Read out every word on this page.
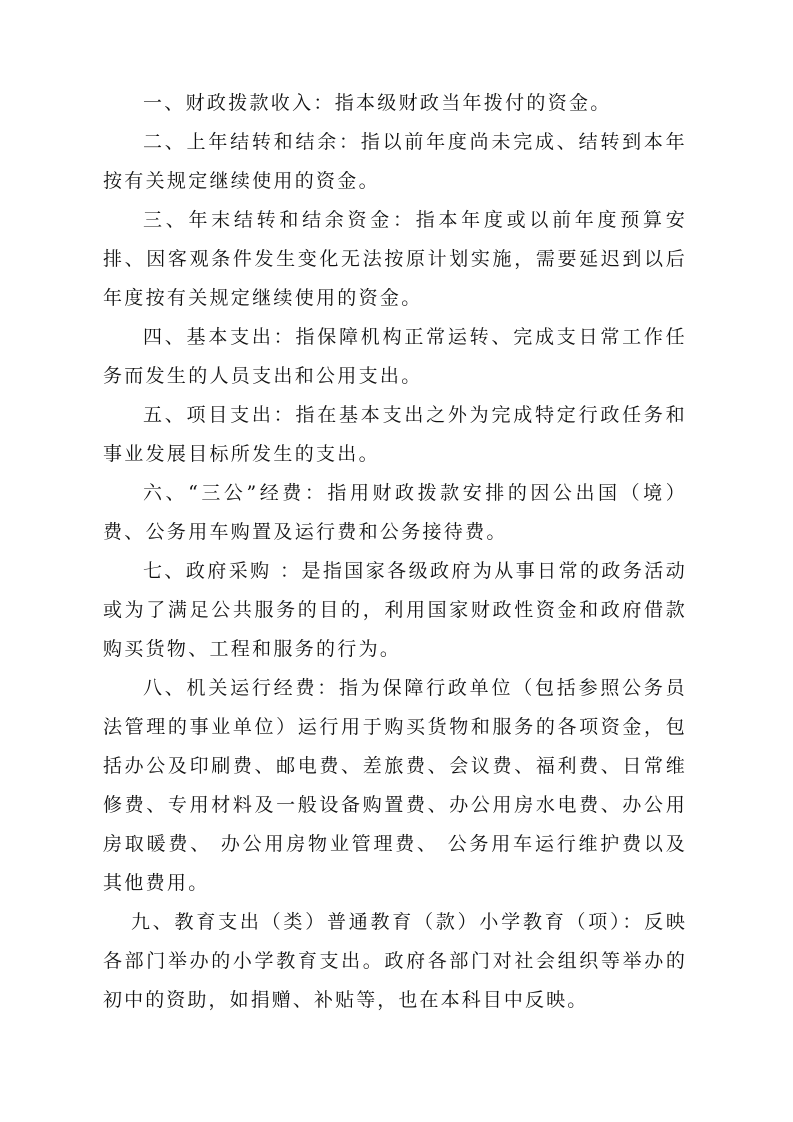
一、财政拨款收入：指本级财政当年拨付的资金。

二、上年结转和结余：指以前年度尚未完成、结转到本年按有关规定继续使用的资金。

三、年末结转和结余资金：指本年度或以前年度预算安排、因客观条件发生变化无法按原计划实施，需要延迟到以后年度按有关规定继续使用的资金。

四、基本支出：指保障机构正常运转、完成支日常工作任务而发生的人员支出和公用支出。

五、项目支出：指在基本支出之外为完成特定行政任务和事业发展目标所发生的支出。

六、“三公”经费：指用财政拨款安排的因公出国（境）费、公务用车购置及运行费和公务接待费。

七、政府采购 ：是指国家各级政府为从事日常的政务活动或为了满足公共服务的目的，利用国家财政性资金和政府借款购买货物、工程和服务的行为。

八、机关运行经费：指为保障行政单位（包括参照公务员法管理的事业单位）运行用于购买货物和服务的各项资金，包括办公及印刷费、邮电费、差旅费、会议费、福利费、日常维修费、专用材料及一般设备购置费、办公用房水电费、办公用房取暖费、 办公用房物业管理费、 公务用车运行维护费以及其他费用。

九、教育支出（类）普通教育（款）小学教育（项）：反映各部门举办的小学教育支出。政府各部门对社会组织等举办的初中的资助，如捐赠、补贴等，也在本科目中反映。
